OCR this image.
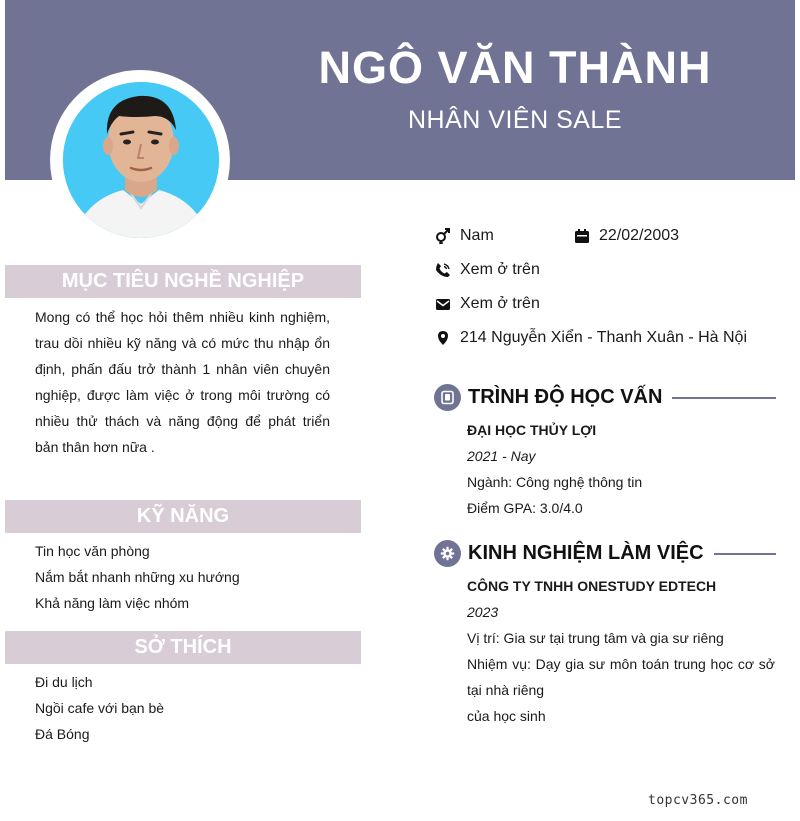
NGÔ VĂN THÀNH
NHÂN VIÊN SALE
MỤC TIÊU NGHỀ NGHIỆP
Mong có thể học hỏi thêm nhiều kinh nghiệm, trau dồi nhiều kỹ năng và có mức thu nhập ổn định, phấn đấu trở thành 1 nhân viên chuyên nghiệp, được làm việc ở trong môi trường có nhiều thử thách và năng động để phát triển bản thân hơn nữa .
KỸ NĂNG
Tin học văn phòng
Nắm bắt nhanh những xu hướng
Khả năng làm việc nhóm
SỞ THÍCH
Đi du lịch
Ngồi cafe với bạn bè
Đá Bóng
Nam	22/02/2003
Xem ở trên
Xem ở trên
214 Nguyễn Xiển - Thanh Xuân - Hà Nội
TRÌNH ĐỘ HỌC VẤN
ĐẠI HỌC THỦY LỢI
2021 - Nay
Ngành: Công nghệ thông tin
Điểm GPA: 3.0/4.0
KINH NGHIỆM LÀM VIỆC
CÔNG TY TNHH ONESTUDY EDTECH
2023
Vị trí: Gia sư tại trung tâm và gia sư riêng
Nhiệm vụ: Dạy gia sư môn toán trung học cơ sở tại nhà riêng
của học sinh
topcv365.com
